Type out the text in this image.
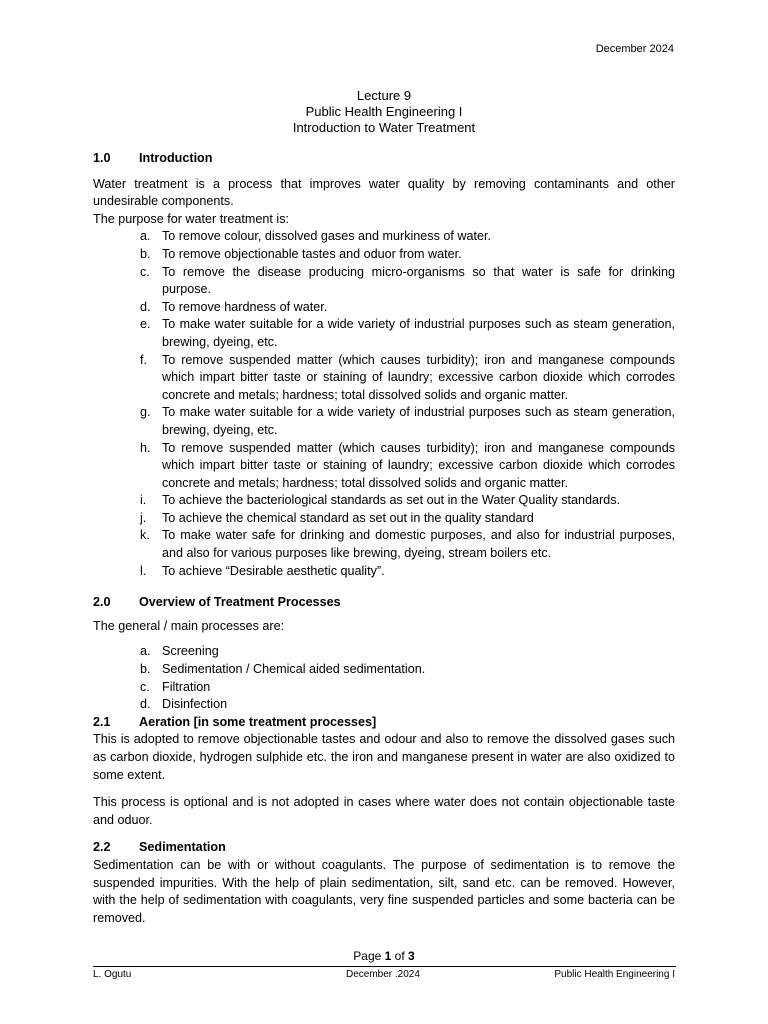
December 2024
Lecture 9
Public Health Engineering I
Introduction to Water Treatment
1.0	Introduction

Water treatment is a process that improves water quality by removing contaminants and other undesirable components.

The purpose for water treatment is:

a. To remove colour, dissolved gases and murkiness of water.
b. To remove objectionable tastes and oduor from water.
c. To remove the disease producing micro-organisms so that water is safe for drinking purpose.
d. To remove hardness of water.
e. To make water suitable for a wide variety of industrial purposes such as steam generation, brewing, dyeing, etc.
f.	To remove suspended matter (which causes turbidity); iron and manganese compounds which impart bitter taste or staining of laundry; excessive carbon dioxide which corrodes concrete and metals; hardness; total dissolved solids and organic matter.
g. To make water suitable for a wide variety of industrial purposes such as steam generation, brewing, dyeing, etc.
h. To remove suspended matter (which causes turbidity); iron and manganese compounds which impart bitter taste or staining of laundry; excessive carbon dioxide which corrodes concrete and metals; hardness; total dissolved solids and organic matter.
i.	To achieve the bacteriological standards as set out in the Water Quality standards.
j.	To achieve the chemical standard as set out in the quality standard
k. To make water safe for drinking and domestic purposes, and also for industrial purposes, and also for various purposes like brewing, dyeing, stream boilers etc.
l.	To achieve “Desirable aesthetic quality”.
2.0	Overview of Treatment Processes

The general / main processes are:

a. Screening
b. Sedimentation / Chemical aided sedimentation.
c. Filtration
d. Disinfection
2.1	Aeration [in some treatment processes]

This is adopted to remove objectionable tastes and odour and also to remove the dissolved gases such as carbon dioxide, hydrogen sulphide etc. the iron and manganese present in water are also oxidized to some extent.

This process is optional and is not adopted in cases where water does not contain objectionable taste and oduor.

2.2	Sedimentation

Sedimentation can be with or without coagulants. The purpose of sedimentation is to remove the suspended impurities. With the help of plain sedimentation, silt, sand etc. can be removed. However, with the help of sedimentation with coagulants, very fine suspended particles and some bacteria can be removed.

Page 1 of 3
L. Ogutu	December .2024	Public Health Engineering I
